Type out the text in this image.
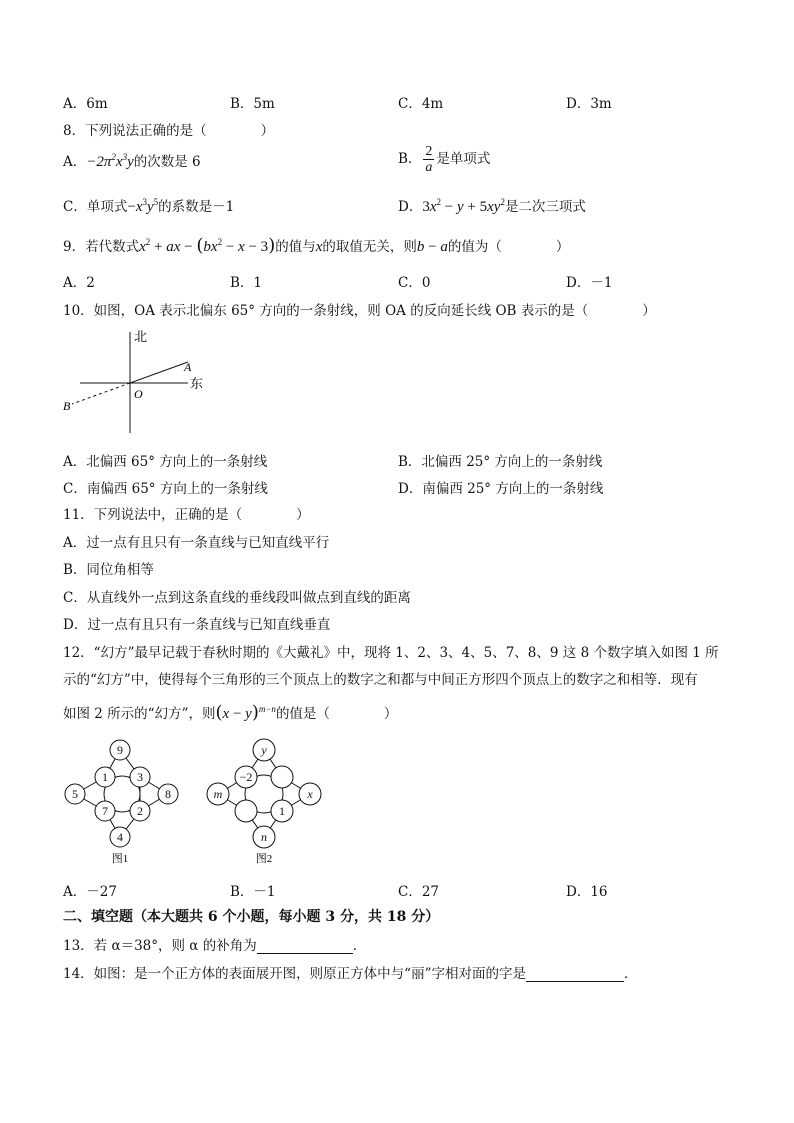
A．6m	B．5m	C．4m	D．3m
8．下列说法正确的是（　　　　）
A．$-2\pi^2x^3y$的次数是 6	B． $\frac{2}{a}$ 是单项式
C．单项式$-x^3y^5$的系数是－1	D．$3x^2 - y + 5xy^2$是二次三项式
9．若代数式$x^2$ + ax − $(bx^2 - x - 3)$的值与x的取值无关，则b − a的值为（　　　　）
A．2	B．1	C．0	D．－1
10．如图，OA 表示北偏东 65° 方向的一条射线，则 OA 的反向延长线 OB 表示的是（　　　　）
北
东
A
B
O
A．北偏西 65° 方向上的一条射线	B．北偏西 25° 方向上的一条射线
C．南偏西 65° 方向上的一条射线	D．南偏西 25° 方向上的一条射线
11．下列说法中，正确的是（　　　　）
A．过一点有且只有一条直线与已知直线平行
B．同位角相等
C．从直线外一点到这条直线的垂线段叫做点到直线的距离
D．过一点有且只有一条直线与已知直线垂直
12．“幻方”最早记载于春秋时期的《大戴礼》中，现将 1、2、3、4、5、7、8、9 这 8 个数字填入如图 1 所
示的“幻方”中，使得每个三角形的三个顶点上的数字之和都与中间正方形四个顶点上的数字之和相等．现有
如图 2 所示的“幻方”，则$(x - y)^{m-n}$的值是（　　　　）
9
1 3
5	8
7 2
4
图1
y
−2
m	x
1
n
图2
A．－27	B．－1	C．27	D．16
二、填空题（本大题共 6 个小题，每小题 3 分，共 18 分）
13．若 α＝38°，则 α 的补角为	．
14．如图：是一个正方体的表面展开图，则原正方体中与“丽”字相对面的字是	．
